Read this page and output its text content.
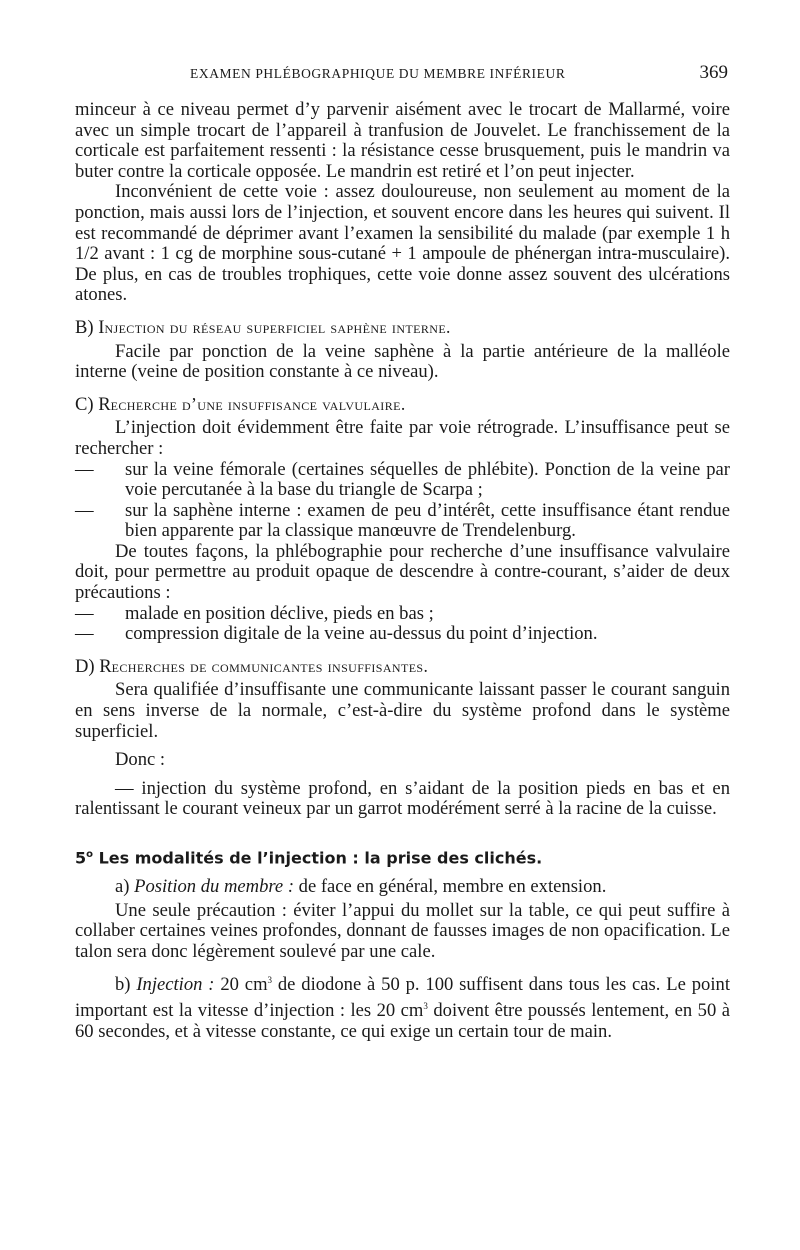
EXAMEN PHLÉBOGRAPHIQUE DU MEMBRE INFÉRIEUR	369

minceur à ce niveau permet d’y parvenir aisément avec le trocart de Mallarmé, voire avec un simple trocart de l’appareil à tranfusion de Jouvelet. Le franchissement de la corticale est parfaitement ressenti : la résistance cesse brusquement, puis le mandrin va buter contre la corticale opposée. Le mandrin est retiré et l’on peut injecter.

Inconvénient de cette voie : assez douloureuse, non seulement au moment de la ponction, mais aussi lors de l’injection, et souvent encore dans les heures qui suivent. Il est recommandé de déprimer avant l’examen la sensibilité du malade (par exemple 1 h 1/2 avant : 1 cg de morphine sous-cutané + 1 ampoule de phénergan intra-musculaire). De plus, en cas de troubles trophiques, cette voie donne assez souvent des ulcérations atones.

B) Injection du réseau superficiel saphène interne.

Facile par ponction de la veine saphène à la partie antérieure de la malléole interne (veine de position constante à ce niveau).

C) Recherche d’une insuffisance valvulaire.

L’injection doit évidemment être faite par voie rétrograde. L’insuffisance peut se rechercher :

— sur la veine fémorale (certaines séquelles de phlébite). Ponction de la veine par voie percutanée à la base du triangle de Scarpa ;

— sur la saphène interne : examen de peu d’intérêt, cette insuffisance étant rendue bien apparente par la classique manœuvre de Trendelenburg.

De toutes façons, la phlébographie pour recherche d’une insuffisance valvulaire doit, pour permettre au produit opaque de descendre à contre-courant, s’aider de deux précautions :

— malade en position déclive, pieds en bas ;

— compression digitale de la veine au-dessus du point d’injection.

D) Recherches de communicantes insuffisantes.

Sera qualifiée d’insuffisante une communicante laissant passer le courant sanguin en sens inverse de la normale, c’est-à-dire du système profond dans le système superficiel.

Donc :

— injection du système profond, en s’aidant de la position pieds en bas et en ralentissant le courant veineux par un garrot modérément serré à la racine de la cuisse.

5$^o$ Les modalités de l’injection : la prise des clichés.

a) Position du membre : de face en général, membre en extension.

Une seule précaution : éviter l’appui du mollet sur la table, ce qui peut suffire à collaber certaines veines profondes, donnant de fausses images de non opacification. Le talon sera donc légèrement soulevé par une cale.

b) Injection : 20 $cm^3$ de diodone à 50 p. 100 suffisent dans tous les cas. Le point important est la vitesse d’injection : les 20 $cm^3$ doivent être poussés lentement, en 50 à 60 secondes, et à vitesse constante, ce qui exige un certain tour de main.
